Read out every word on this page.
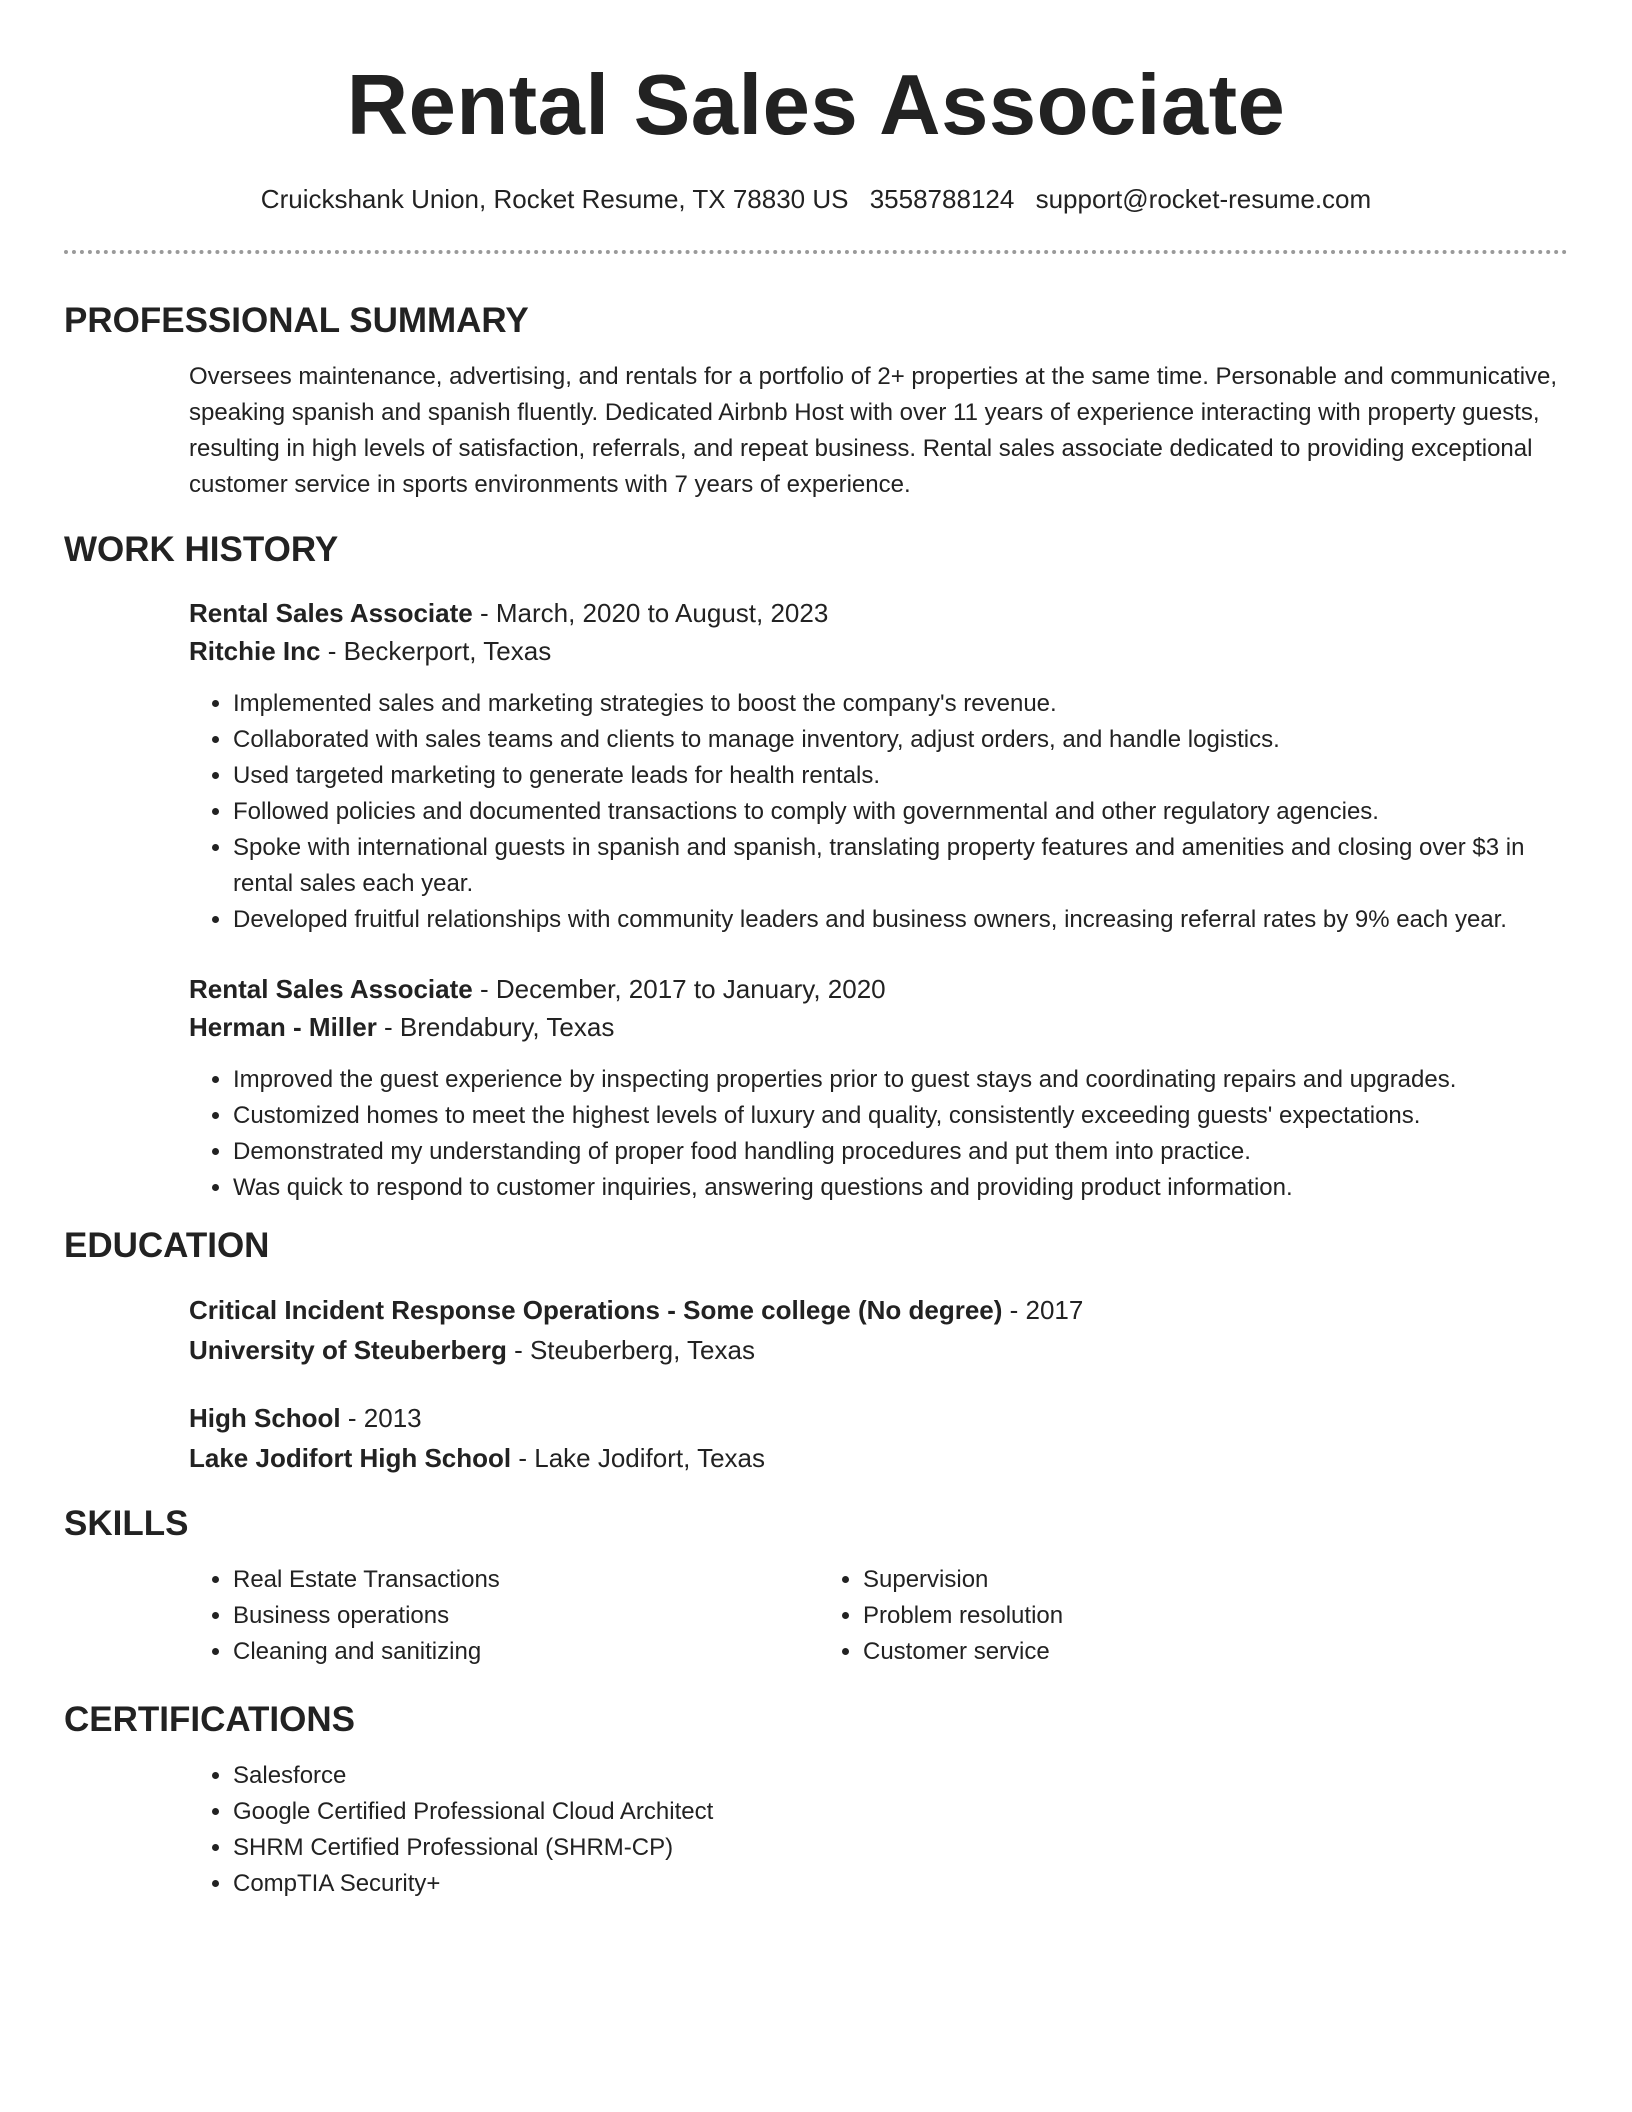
Rental Sales Associate
Cruickshank Union, Rocket Resume, TX 78830 US 3558788124 support@rocket-resume.com
PROFESSIONAL SUMMARY

Oversees maintenance, advertising, and rentals for a portfolio of 2+ properties at the same time. Personable and communicative, speaking spanish and spanish fluently. Dedicated Airbnb Host with over 11 years of experience interacting with property guests, resulting in high levels of satisfaction, referrals, and repeat business. Rental sales associate dedicated to providing exceptional customer service in sports environments with 7 years of experience.

WORK HISTORY
Rental Sales Associate - March, 2020 to August, 2023
Ritchie Inc - Beckerport, Texas
• Implemented sales and marketing strategies to boost the company's revenue.
• Collaborated with sales teams and clients to manage inventory, adjust orders, and handle logistics.
• Used targeted marketing to generate leads for health rentals.
• Followed policies and documented transactions to comply with governmental and other regulatory agencies.
• Spoke with international guests in spanish and spanish, translating property features and amenities and closing over $3 in rental sales each year.
• Developed fruitful relationships with community leaders and business owners, increasing referral rates by 9% each year.
Rental Sales Associate - December, 2017 to January, 2020
Herman - Miller - Brendabury, Texas
• Improved the guest experience by inspecting properties prior to guest stays and coordinating repairs and upgrades.
• Customized homes to meet the highest levels of luxury and quality, consistently exceeding guests' expectations.
• Demonstrated my understanding of proper food handling procedures and put them into practice.
• Was quick to respond to customer inquiries, answering questions and providing product information.
EDUCATION
Critical Incident Response Operations - Some college (No degree) - 2017
University of Steuberberg - Steuberberg, Texas
High School - 2013
Lake Jodifort High School - Lake Jodifort, Texas
SKILLS
• Real Estate Transactions
• Business operations
• Cleaning and sanitizing
• Supervision
• Problem resolution
• Customer service
CERTIFICATIONS
• Salesforce
• Google Certified Professional Cloud Architect
• SHRM Certified Professional (SHRM-CP)
• CompTIA Security+
